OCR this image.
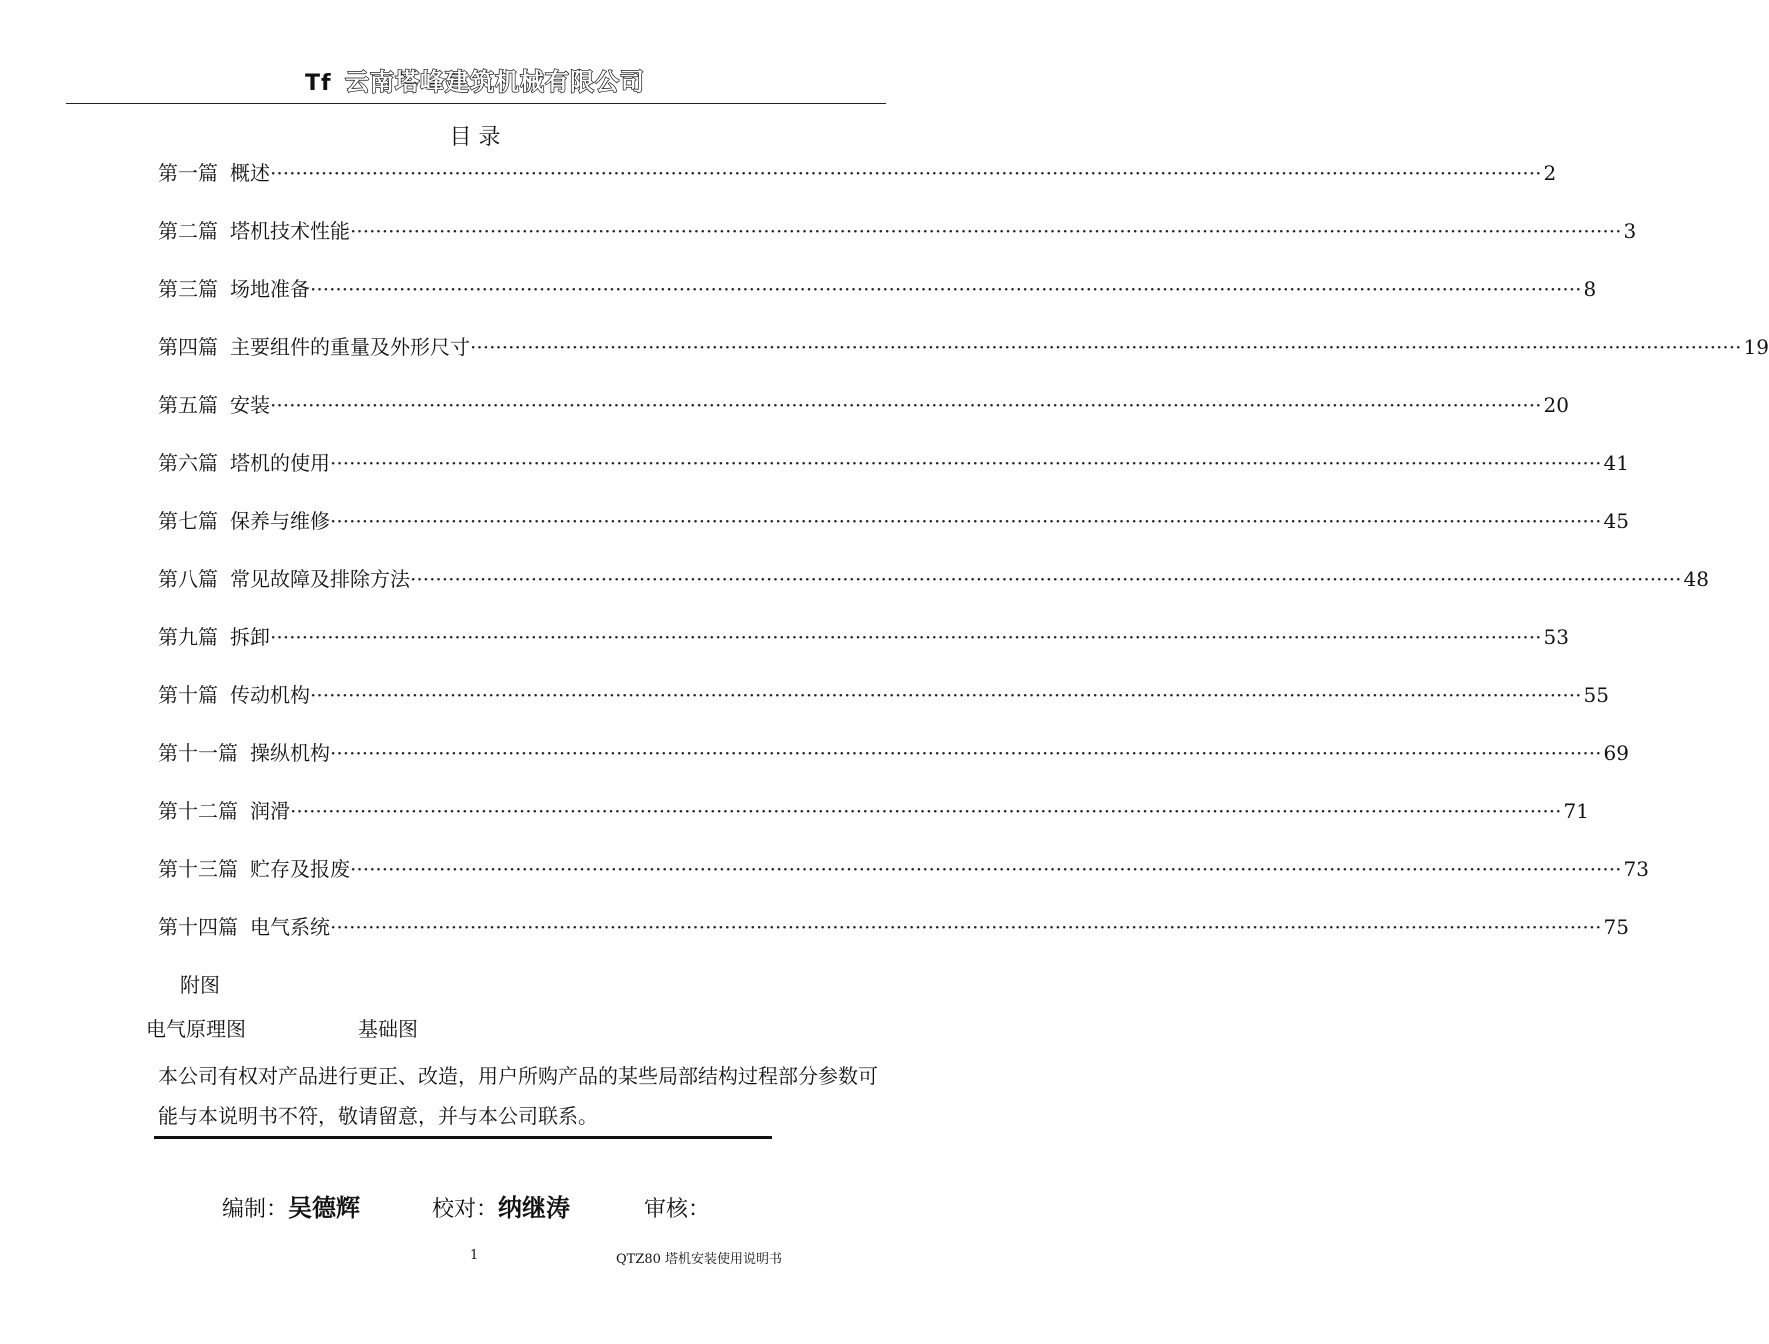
Tf 云南塔峰建筑机械有限公司
目 录
第一篇 概述 ········································································································································································································ 2
第二篇 塔机技术性能 ········································································································································································································ 3
第三篇 场地准备 ········································································································································································································ 8
第四篇 主要组件的重量及外形尺寸 ········································································································································································································ 19
第五篇 安装 ········································································································································································································ 20
第六篇 塔机的使用 ········································································································································································································ 41
第七篇 保养与维修 ········································································································································································································ 45
第八篇 常见故障及排除方法 ········································································································································································································ 48
第九篇 拆卸 ········································································································································································································ 53
第十篇 传动机构 ········································································································································································································ 55
第十一篇 操纵机构 ········································································································································································································ 69
第十二篇 润滑 ········································································································································································································ 71
第十三篇 贮存及报废 ········································································································································································································ 73
第十四篇 电气系统 ········································································································································································································ 75
附图
电气原理图	基础图
本公司有权对产品进行更正、改造，用户所购产品的某些局部结构过程部分参数可能与本说明书不符，敬请留意，并与本公司联系。
编制：吴德辉	校对：纳继涛	审核：
1	QTZ80 塔机安装使用说明书
